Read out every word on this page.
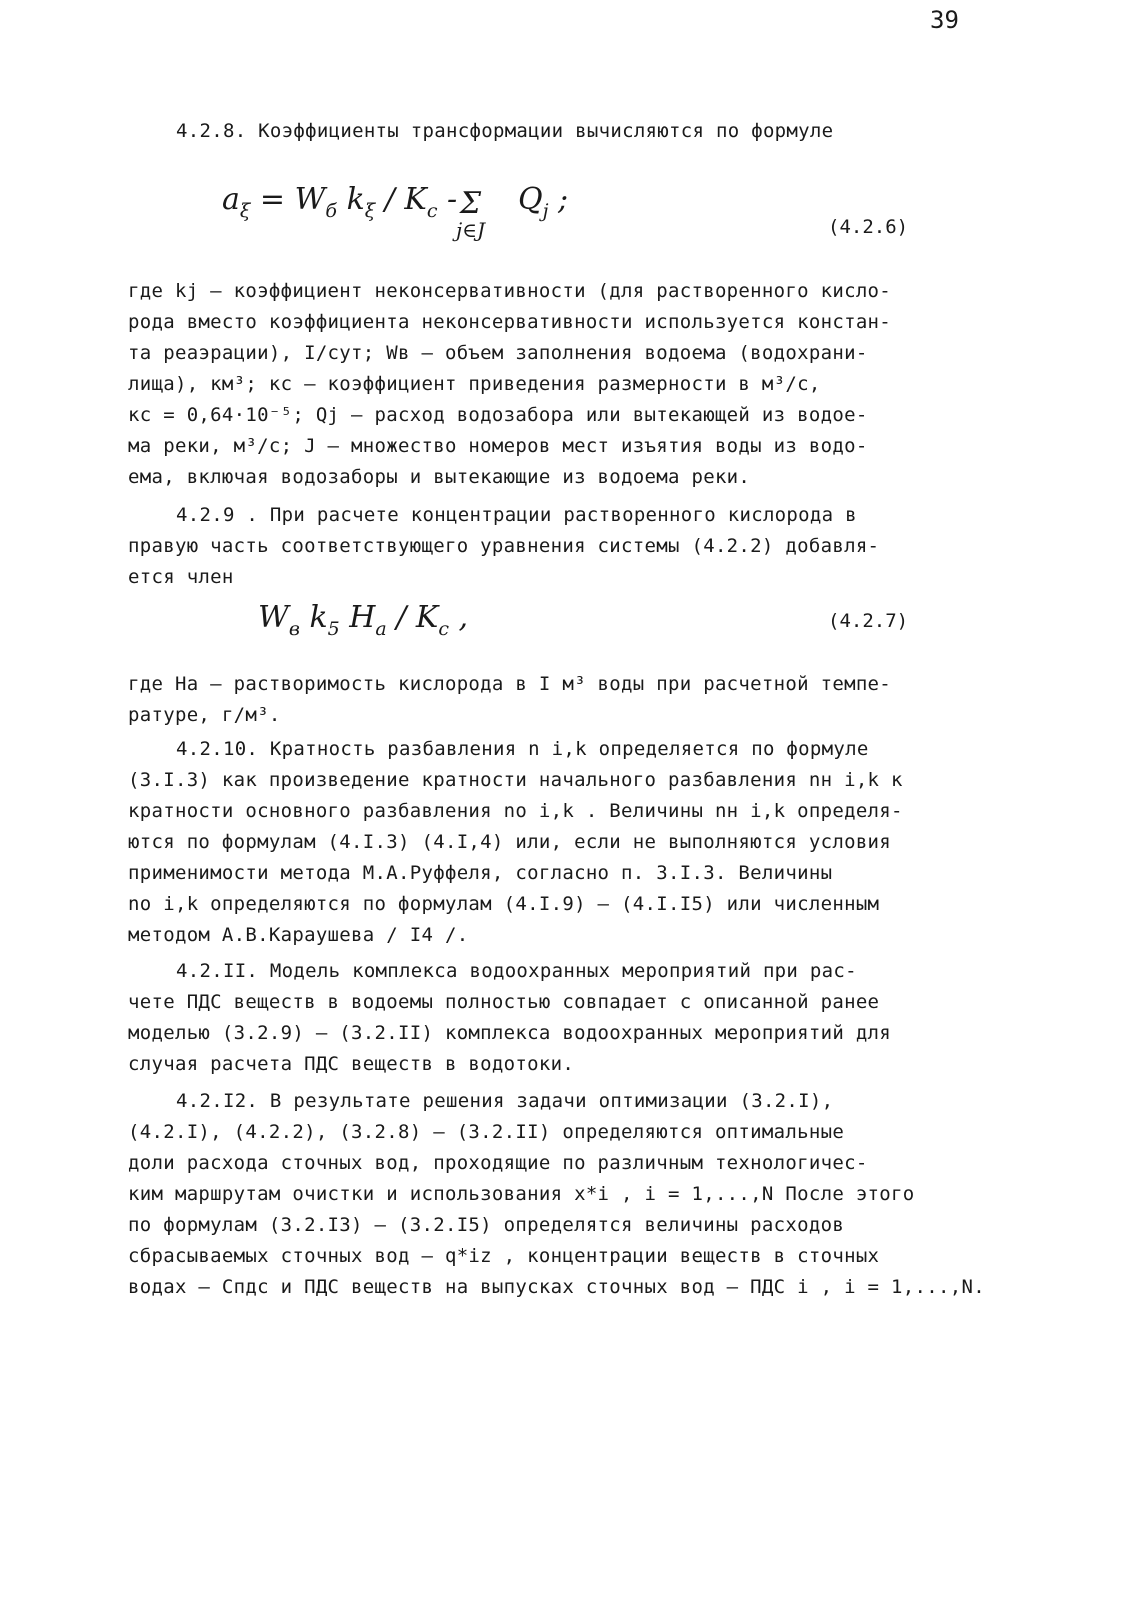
39
4.2.8. Коэффициенты трансформации вычисляются по формуле
$a_\xi = W_б$ $k_\xi / K_c$ - Σ
j∈J
$Q_j$ ;
(4.2.6)
где kj – коэффициент неконсервативности (для растворенного кисло-
рода вместо коэффициента неконсервативности используется констан-
та реаэрации), I/сут; Wв – объем заполнения водоема (водохрани-
лища), км³; кс – коэффициент приведения размерности в м³/с,
кс = 0,64·10⁻⁵; Qj – расход водозабора или вытекающей из водое-
ма реки, м³/с; J – множество номеров мест изъятия воды из водо-
ема, включая водозаборы и вытекающие из водоема реки.
4.2.9 . При расчете концентрации растворенного кислорода в
правую часть соответствующего уравнения системы (4.2.2) добавля-
ется член
$W_в$ $k_5$ $H_a / K_c$ ,	(4.2.7)
где Hа – растворимость кислорода в I м³ воды при расчетной темпе-
ратуре, г/м³.
4.2.10. Кратность разбавления n i,k определяется по формуле
(3.I.3) как произведение кратности начального разбавления nн i,k к
кратности основного разбавления nо i,k . Величины nн i,k определя-
ются по формулам (4.I.3) (4.I,4) или, если не выполняются условия
применимости метода М.А.Руффеля, согласно п. 3.I.3. Величины
nо i,k определяются по формулам (4.I.9) – (4.I.I5) или численным
методом А.В.Караушева / I4 /.
4.2.II. Модель комплекса водоохранных мероприятий при рас-
чете ПДС веществ в водоемы полностью совпадает с описанной ранее
моделью (3.2.9) – (3.2.II) комплекса водоохранных мероприятий для
случая расчета ПДС веществ в водотоки.
4.2.I2. В результате решения задачи оптимизации (3.2.I),
(4.2.I), (4.2.2), (3.2.8) – (3.2.II) определяются оптимальные
доли расхода сточных вод, проходящие по различным технологичес-
ким маршрутам очистки и использования x*i , i = 1,...,N После этого
по формулам (3.2.I3) – (3.2.I5) определятся величины расходов
сбрасываемых сточных вод – q*iz , концентрации веществ в сточных
водах – Cпдс и ПДС веществ на выпусках сточных вод – ПДС i , i = 1,...,N.
